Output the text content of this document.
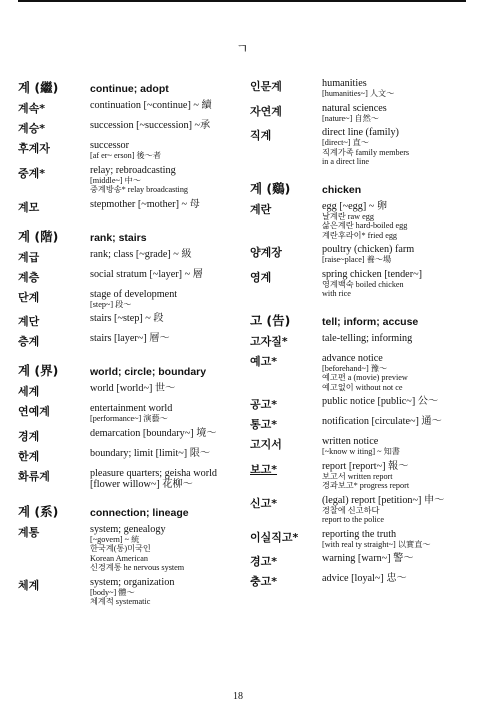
ㄱ
계 (繼)	continue; adopt
계속*	continuation [~continue] ~ 續
계승*	succession [~succession] ~承
후계자	successor
[af er~ erson] 後～者
중계*	relay; rebroadcasting
[middle~] 中～
중계방송* relay broadcasting
계모	stepmother [~mother] ~ 母
계 (階)	rank; stairs
계급	rank; class [~grade] ~ 級
계층	social stratum [~layer] ~ 層
단계	stage of development
[step~] 段～
계단	stairs [~step] ~ 段
층계	stairs [layer~] 層～
계 (界)	world; circle; boundary
세계	world [world~] 世～
연예계	entertainment world
[performance~] 演藝～
경계	demarcation [boundary~] 境～
한계	boundary; limit [limit~] 限～
화류계	pleasure quarters; geisha world [flower willow~] 花柳～
계 (系)	connection; lineage
계통	system; genealogy
[~govern] ~ 統
한국계(통)미국인
Korean American
신경계통 he nervous system
체계	system; organization
[body~] 體～
체계적 systematic
인문계	humanities
[humanities~] 人文～
자연계	natural sciences
[nature~] 自然～
직계	direct line (family)
[direct~] 直～
직계가족 family members
in a direct line
계 (鷄)	chicken
계란	egg [~egg] ~ 卵
날계란 raw egg
삶은계란 hard-boiled egg
계란후라이* fried egg
양계장	poultry (chicken) farm
[raise~place] 養～場
영계	spring chicken [tender~]
영계백숙 boiled chicken
with rice
고 (告)	tell; inform; accuse
고자질*	tale-telling; informing
예고*	advance notice
[beforehand~] 豫～
예고편 a (movie) preview
예고없이 without not ce
공고*	public notice [public~] 公～
통고*	notification [circulate~] 通～
고지서	written notice
[~know w iting] ~ 知書
보고*	report [report~] 報～
보고서 written report
경과보고* progress report
신고*	(legal) report [petition~] 申～
경찰에 신고하다
report to the police
이실직고*	reporting the truth
[with real ty straight~] 以實直～
경고*	warning [warn~] 警～
충고*	advice [loyal~] 忠～
18
